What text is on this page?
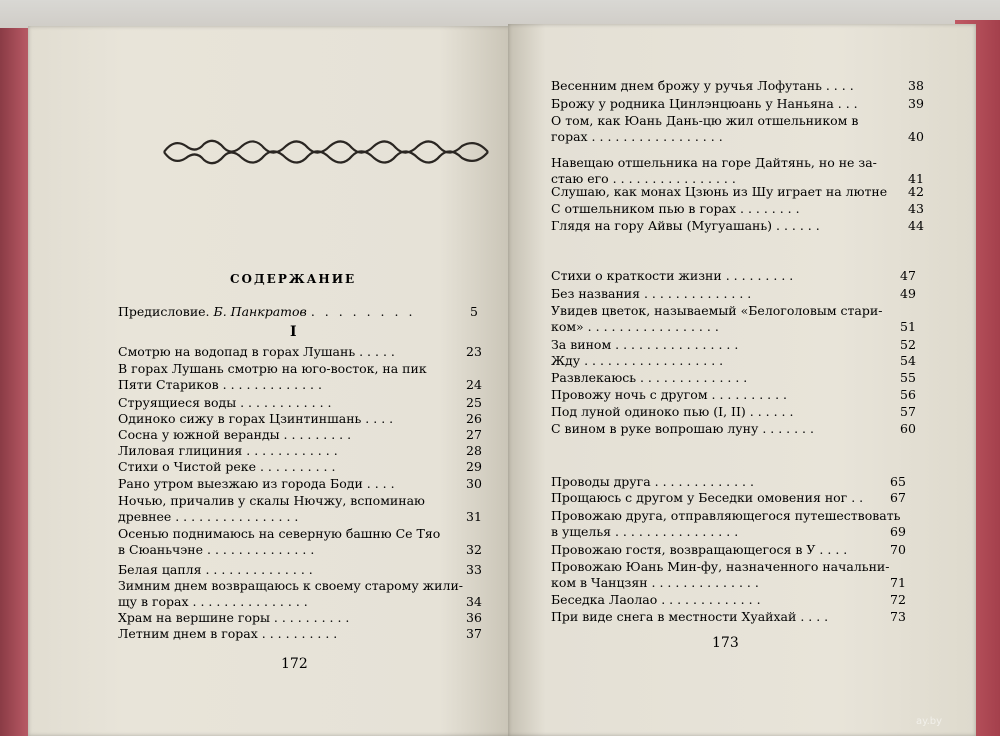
СОДЕРЖАНИЕ
Предисловие. Б. Панкратов . . . . . . . .	5
I
172
173
ay.by
Смотрю на водопад в горах Лушань . . . . .	23
В горах Лушань смотрю на юго-восток, на пик
Пяти Стариков . . . . . . . . . . . . .	24
Струящиеся воды . . . . . . . . . . . .	25
Одиноко сижу в горах Цзинтиншань . . . .	26
Сосна у южной веранды . . . . . . . . .	27
Лиловая глициния . . . . . . . . . . . .	28
Стихи о Чистой реке . . . . . . . . . .	29
Рано утром выезжаю из города Боди . . . .	30
Ночью, причалив у скалы Нючжу, вспоминаю
древнее . . . . . . . . . . . . . . . .	31
Осенью поднимаюсь на северную башню Се Тяо
в Сюаньчэне . . . . . . . . . . . . . .	32
Белая цапля . . . . . . . . . . . . . .	33
Зимним днем возвращаюсь к своему старому жили-
щу в горах . . . . . . . . . . . . . . .	34
Храм на вершине горы . . . . . . . . . .	36
Летним днем в горах . . . . . . . . . .	37
Весенним днем брожу у ручья Лофутань . . . .	38
Брожу у родника Цинлэнцюань у Наньяна . . .	39
О том, как Юань Дань-цю жил отшельником в
горах . . . . . . . . . . . . . . . . .	40
Навещаю отшельника на горе Дайтянь, но не за-
стаю его . . . . . . . . . . . . . . . .	41
Слушаю, как монах Цзюнь из Шу играет на лютне	42
С отшельником пью в горах . . . . . . . .	43
Глядя на гору Айвы (Мугуашань) . . . . . .	44
Стихи о краткости жизни . . . . . . . . .	47
Без названия . . . . . . . . . . . . . .	49
Увидев цветок, называемый «Белоголовым стари-
ком» . . . . . . . . . . . . . . . . .	51
За вином . . . . . . . . . . . . . . . .	52
Жду . . . . . . . . . . . . . . . . . .	54
Развлекаюсь . . . . . . . . . . . . . .	55
Провожу ночь с другом . . . . . . . . . .	56
Под луной одиноко пью (I, II) . . . . . .	57
С вином в руке вопрошаю луну . . . . . . .	60
Проводы друга . . . . . . . . . . . . .	65
Прощаюсь с другом у Беседки омовения ног . .	67
Провожаю друга, отправляющегося путешествовать
в ущелья . . . . . . . . . . . . . . . .	69
Провожаю гостя, возвращающегося в У . . . .	70
Провожаю Юань Мин-фу, назначенного начальни-
ком в Чанцзян . . . . . . . . . . . . . .	71
Беседка Лаолао . . . . . . . . . . . . .	72
При виде снега в местности Хуайхай . . . .	73
